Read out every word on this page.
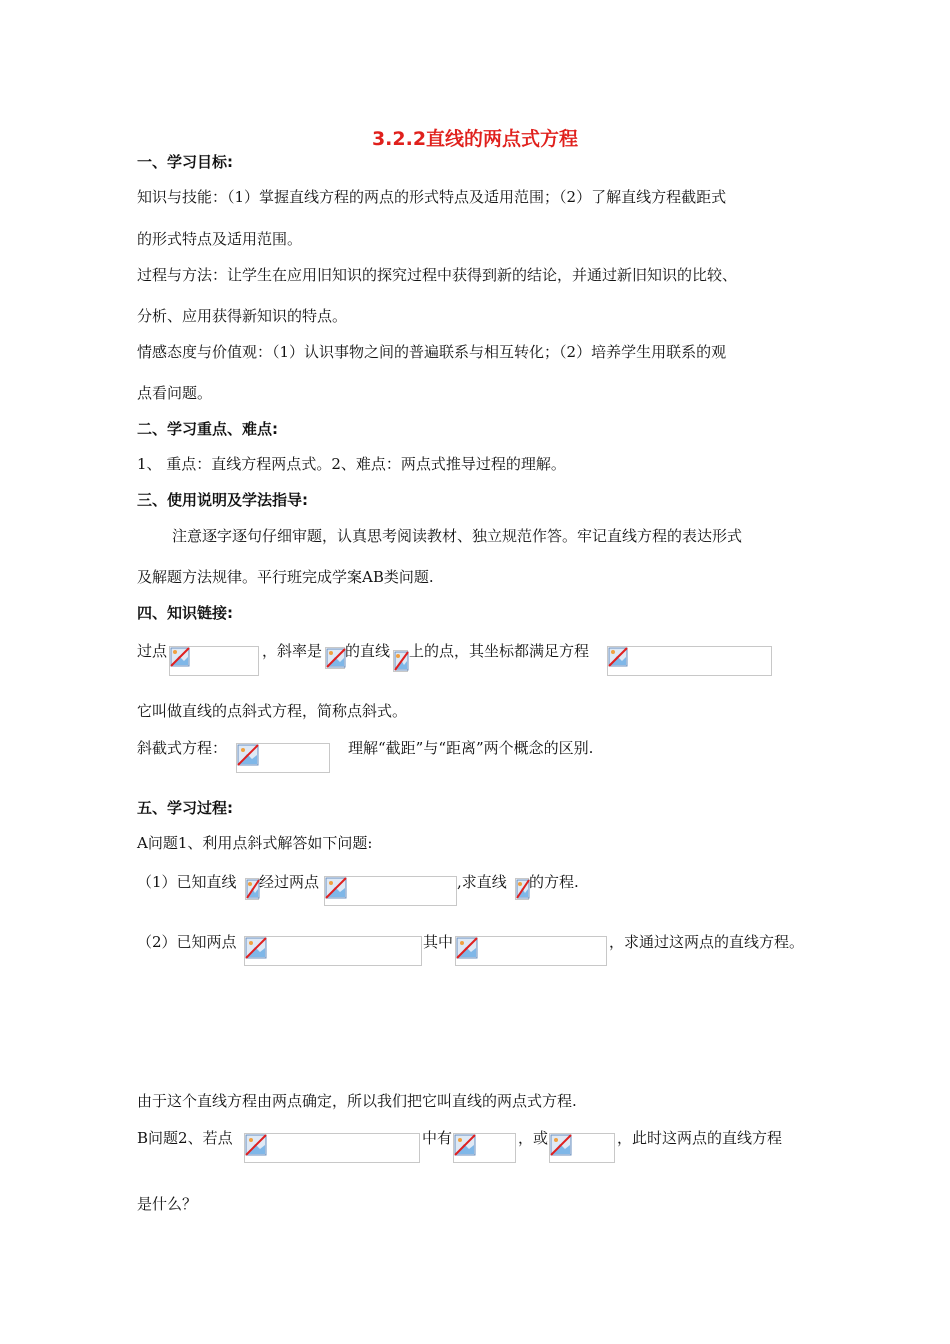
3.2.2直线的两点式方程
一、学习目标:
知识与技能：（1）掌握直线方程的两点的形式特点及适用范围；（2）了解直线方程截距式
的形式特点及适用范围。
过程与方法：让学生在应用旧知识的探究过程中获得到新的结论，并通过新旧知识的比较、
分析、应用获得新知识的特点。
情感态度与价值观：（1）认识事物之间的普遍联系与相互转化；（2）培养学生用联系的观
点看问题。
二、学习重点、难点:
1、 重点：直线方程两点式。2、难点：两点式推导过程的理解。
三、使用说明及学法指导:
注意逐字逐句仔细审题，认真思考阅读教材、独立规范作答。牢记直线方程的表达形式
及解题方法规律。平行班完成学案AB类问题.
四、知识链接:
过点	，斜率是 的直线 上的点，其坐标都满足方程
它叫做直线的点斜式方程，简称点斜式。
斜截式方程：	理解“截距”与“距离”两个概念的区别.
五、学习过程:
A问题1、利用点斜式解答如下问题:
（1）已知直线 经过两点	,求直线 的方程.
（2）已知两点	其中	，求通过这两点的直线方程。
由于这个直线方程由两点确定，所以我们把它叫直线的两点式方程.
B问题2、若点	中有	，或	，此时这两点的直线方程
是什么？
